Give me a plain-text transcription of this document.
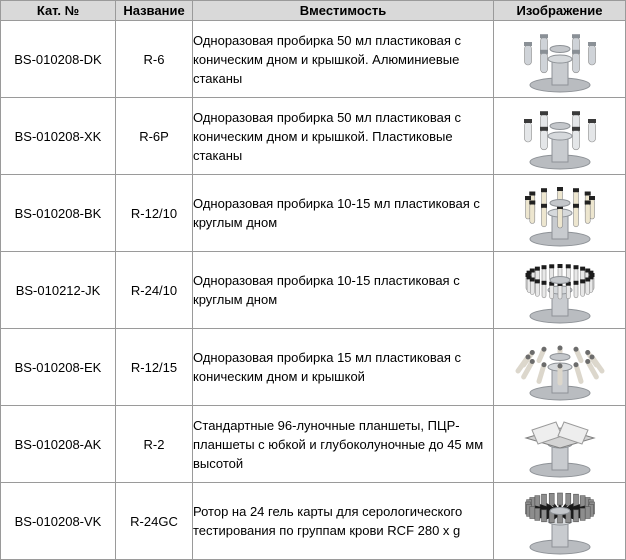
Кат. №	Название	Вместимость	Изображение
BS-010208-DK	R-6	Одноразовая пробирка 50 мл пластиковая с коническим дном и крышкой. Алюминиевые стаканы	

BS-010208-XK	R-6P	Одноразовая пробирка 50 мл пластиковая с коническим дном и крышкой. Пластиковые стаканы	

BS-010208-BK	R-12/10	Одноразовая пробирка 10-15 мл пластиковая с круглым дном	

BS-010212-JK	R-24/10	Одноразовая пробирка 10-15 пластиковая с круглым дном	

BS-010208-EK	R-12/15	Одноразовая пробирка 15 мл пластиковая с коническим дном и крышкой	

BS-010208-AK	R-2	Стандартные 96-луночные планшеты, ПЦР-планшеты с юбкой и глубоколуночные до 45 мм высотой	

BS-010208-VK	R-24GC	Ротор на 24 гель карты для серологического тестирования по группам крови RCF 280 x g	
